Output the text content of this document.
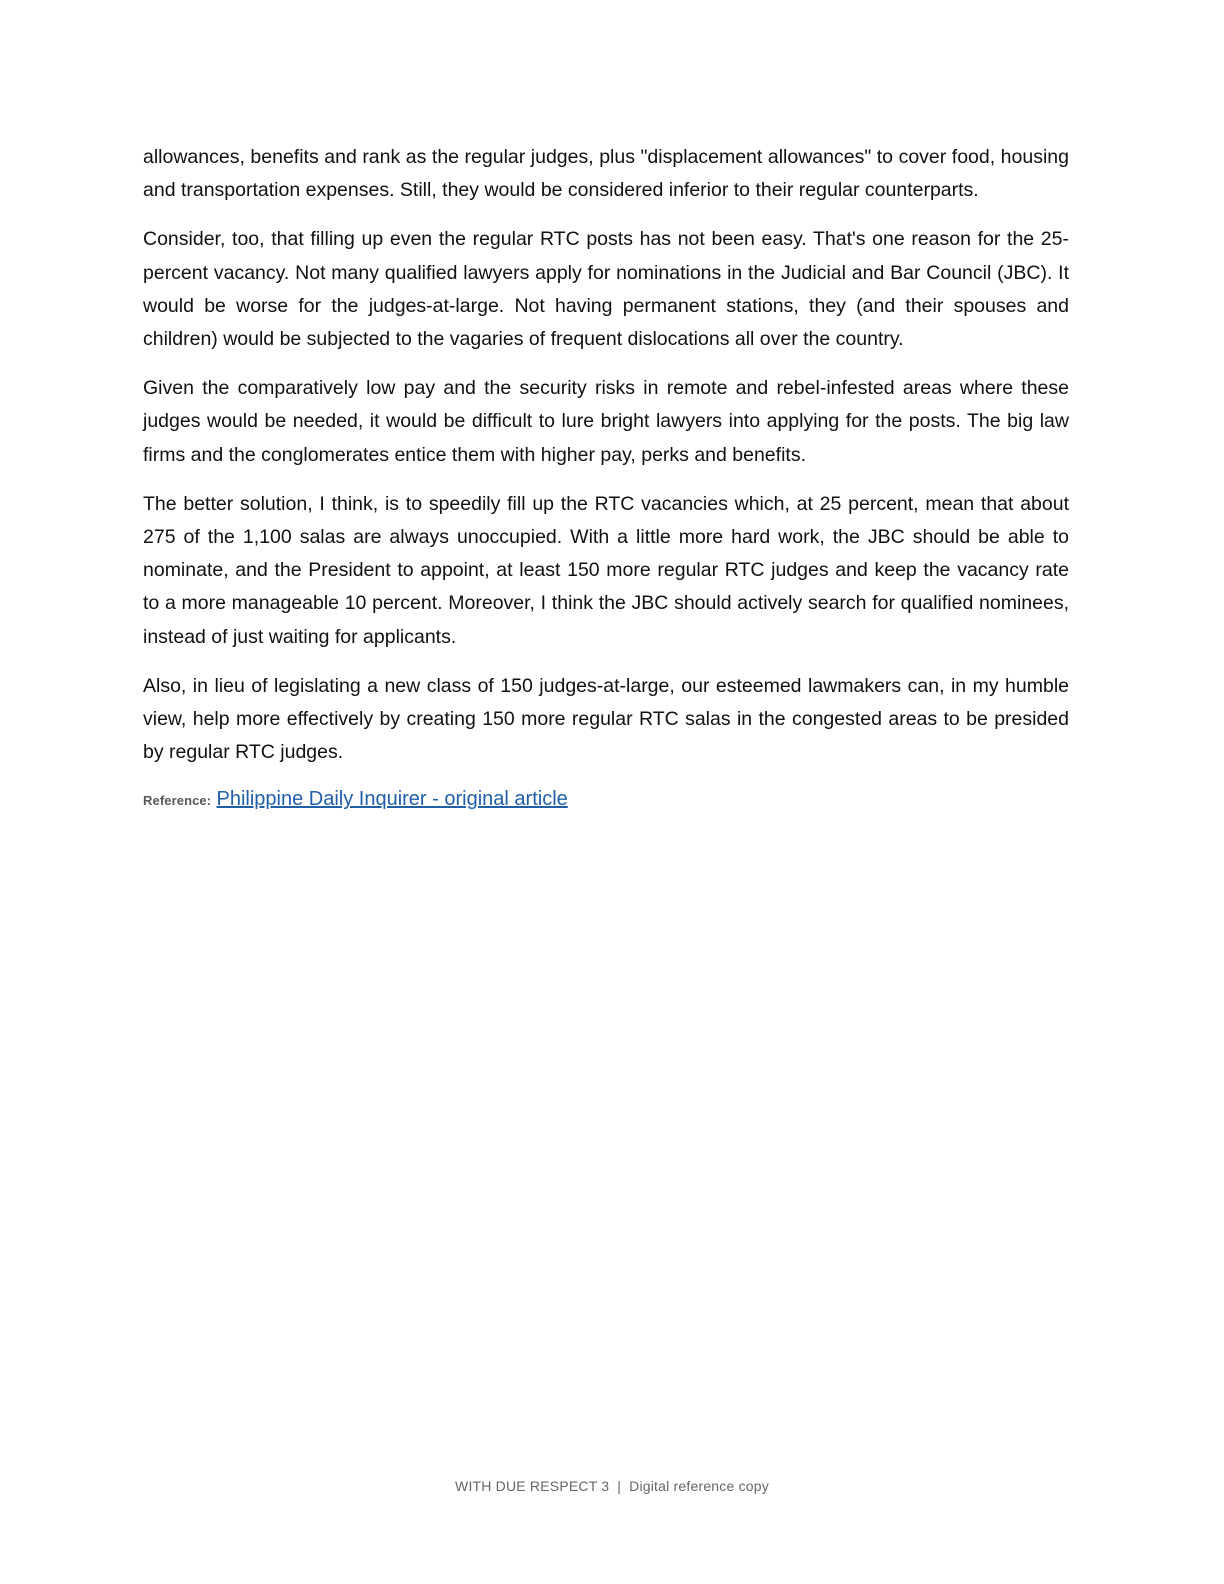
allowances, benefits and rank as the regular judges, plus "displacement allowances" to cover food, housing and transportation expenses. Still, they would be considered inferior to their regular counterparts.

Consider, too, that filling up even the regular RTC posts has not been easy. That's one reason for the 25-percent vacancy. Not many qualified lawyers apply for nominations in the Judicial and Bar Council (JBC). It would be worse for the judges-at-large. Not having permanent stations, they (and their spouses and children) would be subjected to the vagaries of frequent dislocations all over the country.

Given the comparatively low pay and the security risks in remote and rebel-infested areas where these judges would be needed, it would be difficult to lure bright lawyers into applying for the posts. The big law firms and the conglomerates entice them with higher pay, perks and benefits.

The better solution, I think, is to speedily fill up the RTC vacancies which, at 25 percent, mean that about 275 of the 1,100 salas are always unoccupied. With a little more hard work, the JBC should be able to nominate, and the President to appoint, at least 150 more regular RTC judges and keep the vacancy rate to a more manageable 10 percent. Moreover, I think the JBC should actively search for qualified nominees, instead of just waiting for applicants.

Also, in lieu of legislating a new class of 150 judges-at-large, our esteemed lawmakers can, in my humble view, help more effectively by creating 150 more regular RTC salas in the congested areas to be presided by regular RTC judges.

Reference: Philippine Daily Inquirer - original article
WITH DUE RESPECT 3 | Digital reference copy
